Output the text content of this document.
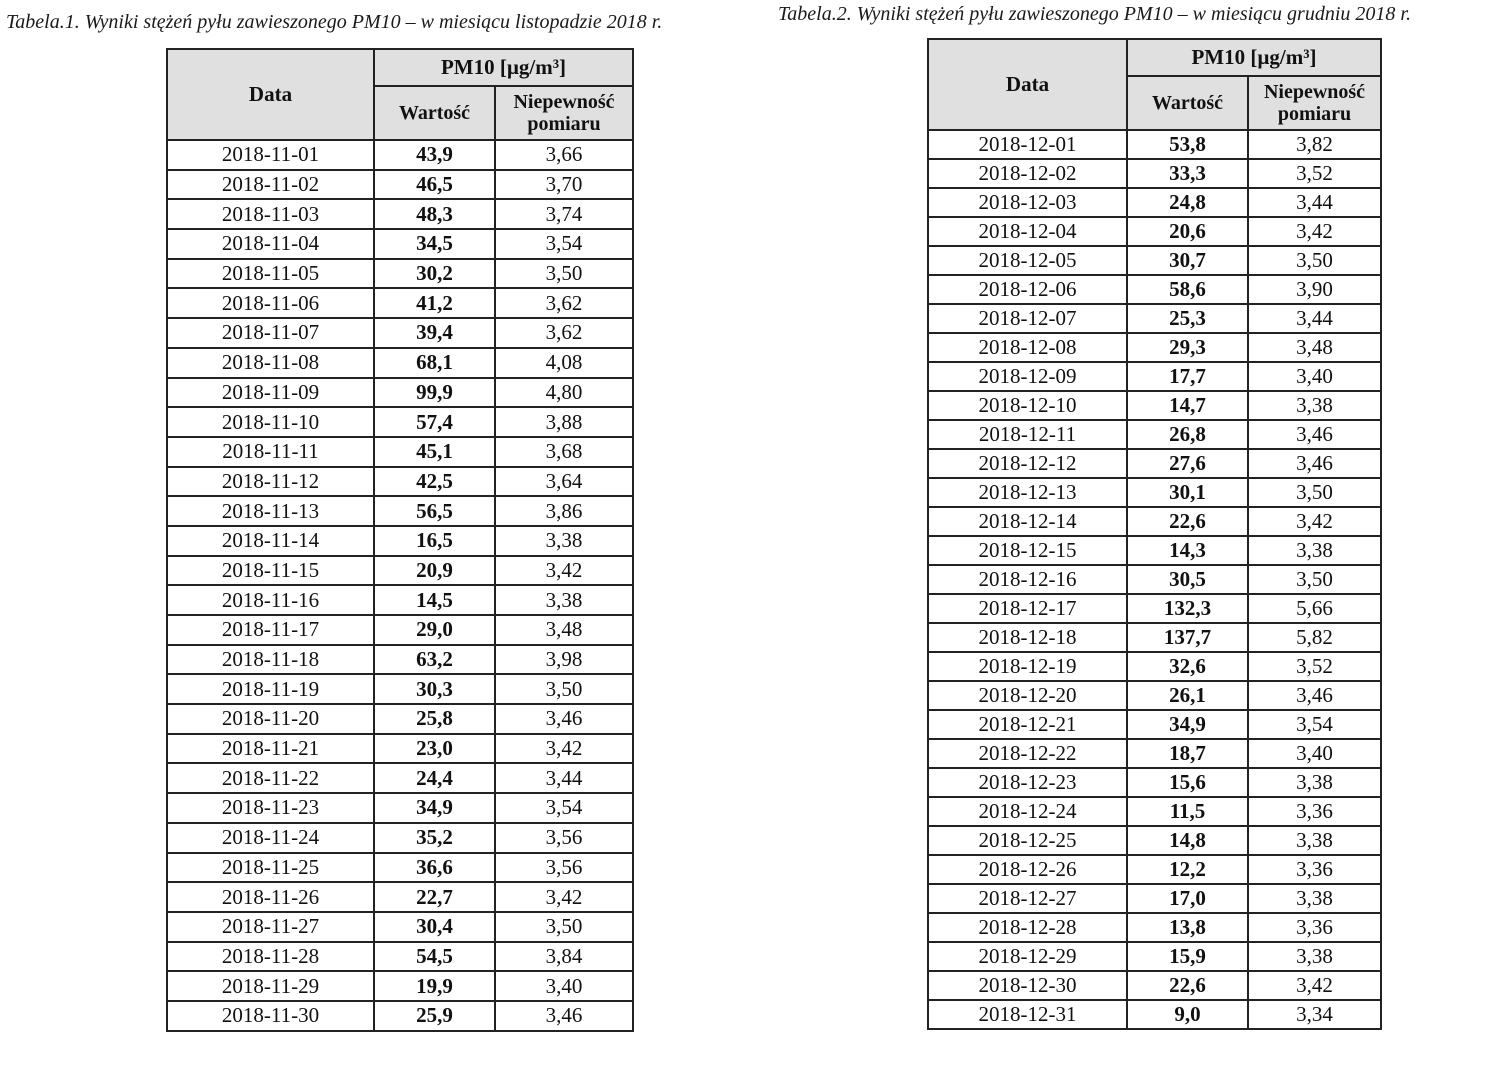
Tabela.1. Wyniki stężeń pyłu zawieszonego PM10 – w miesiącu listopadzie 2018 r.	Tabela.2. Wyniki stężeń pyłu zawieszonego PM10 – w miesiącu grudniu 2018 r.
Data	PM10 [µg/m³]	
	Wartość	Niepewność pomiaru
2018-11-01	43,9	3,66
2018-11-02	46,5	3,70
2018-11-03	48,3	3,74
2018-11-04	34,5	3,54
2018-11-05	30,2	3,50
2018-11-06	41,2	3,62
2018-11-07	39,4	3,62
2018-11-08	68,1	4,08
2018-11-09	99,9	4,80
2018-11-10	57,4	3,88
2018-11-11	45,1	3,68
2018-11-12	42,5	3,64
2018-11-13	56,5	3,86
2018-11-14	16,5	3,38
2018-11-15	20,9	3,42
2018-11-16	14,5	3,38
2018-11-17	29,0	3,48
2018-11-18	63,2	3,98
2018-11-19	30,3	3,50
2018-11-20	25,8	3,46
2018-11-21	23,0	3,42
2018-11-22	24,4	3,44
2018-11-23	34,9	3,54
2018-11-24	35,2	3,56
2018-11-25	36,6	3,56
2018-11-26	22,7	3,42
2018-11-27	30,4	3,50
2018-11-28	54,5	3,84
2018-11-29	19,9	3,40
2018-11-30	25,9	3,46
Data	PM10 [µg/m³]	
	Wartość	Niepewność pomiaru
2018-12-01	53,8	3,82
2018-12-02	33,3	3,52
2018-12-03	24,8	3,44
2018-12-04	20,6	3,42
2018-12-05	30,7	3,50
2018-12-06	58,6	3,90
2018-12-07	25,3	3,44
2018-12-08	29,3	3,48
2018-12-09	17,7	3,40
2018-12-10	14,7	3,38
2018-12-11	26,8	3,46
2018-12-12	27,6	3,46
2018-12-13	30,1	3,50
2018-12-14	22,6	3,42
2018-12-15	14,3	3,38
2018-12-16	30,5	3,50
2018-12-17	132,3	5,66
2018-12-18	137,7	5,82
2018-12-19	32,6	3,52
2018-12-20	26,1	3,46
2018-12-21	34,9	3,54
2018-12-22	18,7	3,40
2018-12-23	15,6	3,38
2018-12-24	11,5	3,36
2018-12-25	14,8	3,38
2018-12-26	12,2	3,36
2018-12-27	17,0	3,38
2018-12-28	13,8	3,36
2018-12-29	15,9	3,38
2018-12-30	22,6	3,42
2018-12-31	9,0	3,34
